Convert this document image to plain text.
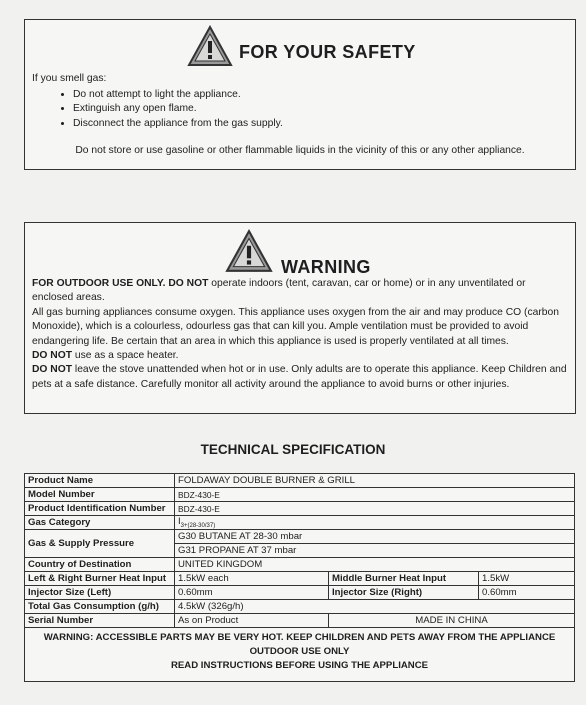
FOR YOUR SAFETY

If you smell gas:

• Do not attempt to light the appliance.
• Extinguish any open flame.
• Disconnect the appliance from the gas supply.
Do not store or use gasoline or other flammable liquids in the vicinity of this or any other appliance.
WARNING
FOR OUTDOOR USE ONLY. DO NOT operate indoors (tent, caravan, car or home) or in any unventilated or enclosed areas.
All gas burning appliances consume oxygen. This appliance uses oxygen from the air and may produce CO (carbon Monoxide), which is a colourless, odourless gas that can kill you. Ample ventilation must be provided to avoid endangering life. Be certain that an area in which this appliance is used is properly ventilated at all times.
DO NOT use as a space heater.
DO NOT leave the stove unattended when hot or in use. Only adults are to operate this appliance. Keep Children and pets at a safe distance. Carefully monitor all activity around the appliance to avoid burns or other injuries.
TECHNICAL SPECIFICATION
Product Name	FOLDAWAY DOUBLE BURNER & GRILL		
Model Number	BDZ-430-E		
Product Identification Number	BDZ-430-E		
Gas Category	$I_{3+(28-30/37)}$
Gas & Supply Pressure	G30 BUTANE AT 28-30 mbar		
	G31 PROPANE AT 37 mbar		
Country of Destination	UNITED KINGDOM		
Left & Right Burner Heat Input	1.5kW each	Middle Burner Heat Input	1.5kW
Injector Size (Left)	0.60mm	Injector Size (Right)	0.60mm
Total Gas Consumption (g/h)	4.5kW (326g/h)		
Serial Number	As on Product	MADE IN CHINA	

WARNING: ACCESSIBLE PARTS MAY BE VERY HOT. KEEP CHILDREN AND PETS AWAY FROM THE APPLIANCE
OUTDOOR USE ONLY
READ INSTRUCTIONS BEFORE USING THE APPLIANCE			
